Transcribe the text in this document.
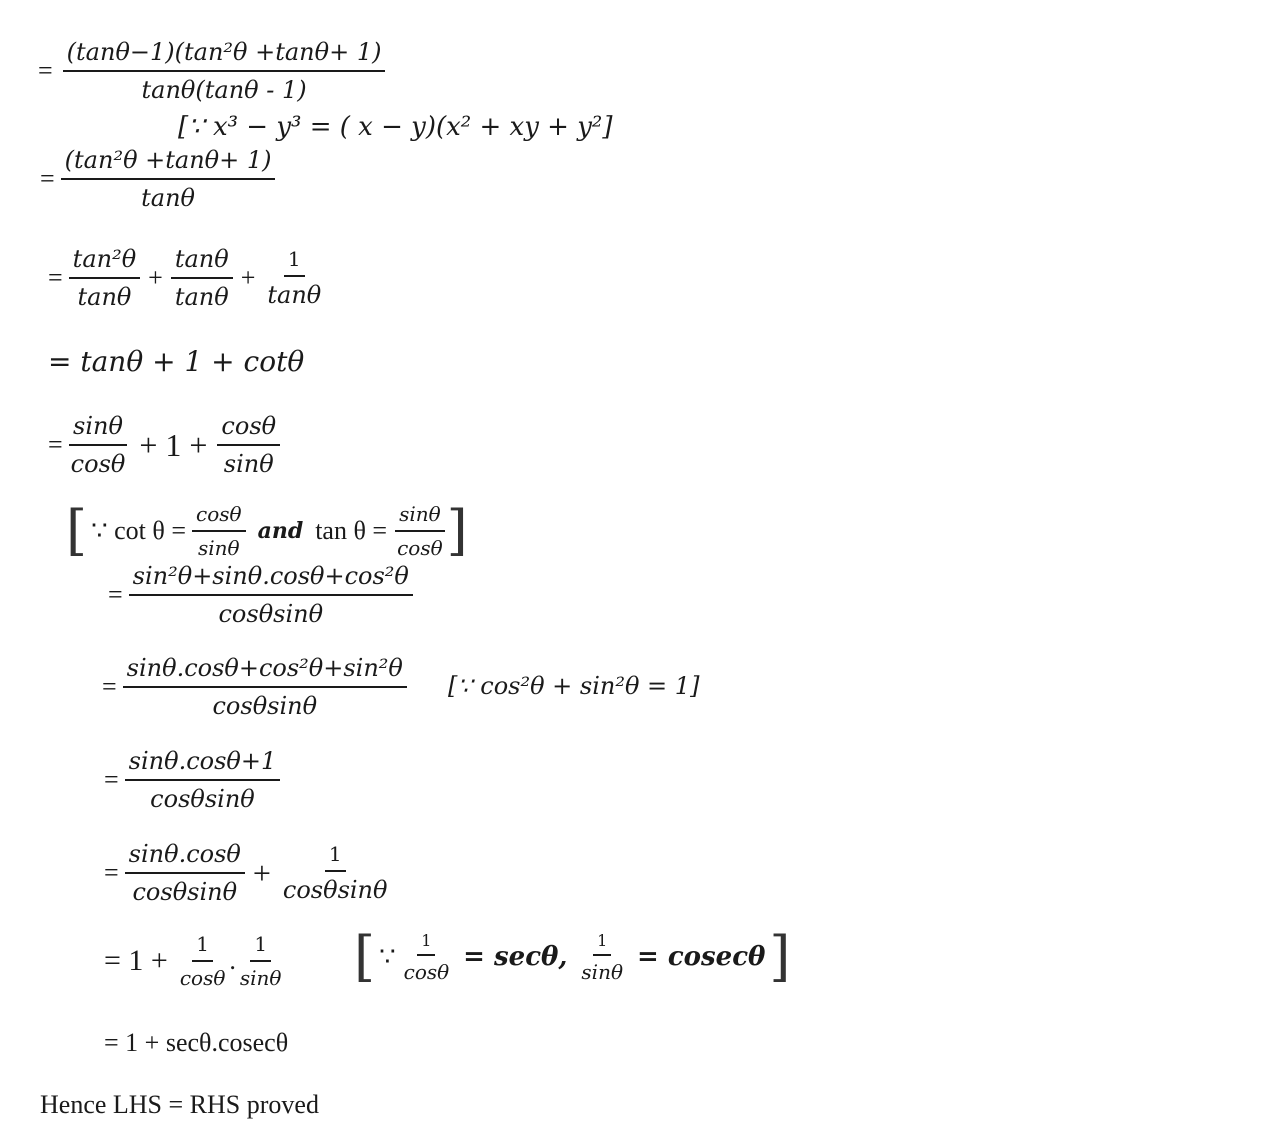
= $\frac{\text{(tanθ−1)(tan²θ +tanθ+ 1)}}{\tan\theta(\tan\theta - 1)}$
[∵ x³ − y³ = ( x − y)(x² + xy + y²]
= $\frac{\text{(tan²θ +tanθ+ 1)}}{\tan\theta}$
= $\frac{\text{tan²θ}}{\tan\theta} + \frac{\tan\theta}{\tan\theta} + \frac{1}{\tan\theta}$
= tanθ + 1 + cotθ
= $\frac{\sin\theta}{\cos\theta} + 1 + \frac{\cos\theta}{\sin\theta}$
[ ∵ $\cot \theta = \frac{\cos\theta}{\sin\theta}$ and $\tan \theta = \frac{\sin\theta}{\cos\theta}$ ]
= $\frac{\text{sin²θ+sinθ.cosθ+cos²θ}}{\cos\theta\sin\theta}$
= $\frac{\text{sinθ.cosθ+cos²θ+sin²θ}}{\cos\theta\sin\theta}$ [∵ cos²θ + sin²θ = 1]
= $\frac{\sin\theta.\cos\theta+1}{\cos\theta\sin\theta}$
= $\frac{\sin\theta.\cos\theta}{\cos\theta\sin\theta} + \frac{1}{\cos\theta\sin\theta}$
= $1 + \frac{1}{\cos\theta}$ . $\frac{1}{\sin\theta}$ [ ∵ $\frac{1}{\cos\theta} = \sec\theta$, $\frac{1}{\sin\theta} = cosec\theta$ ]
= 1 + secθ.cosecθ
Hence LHS = RHS proved
